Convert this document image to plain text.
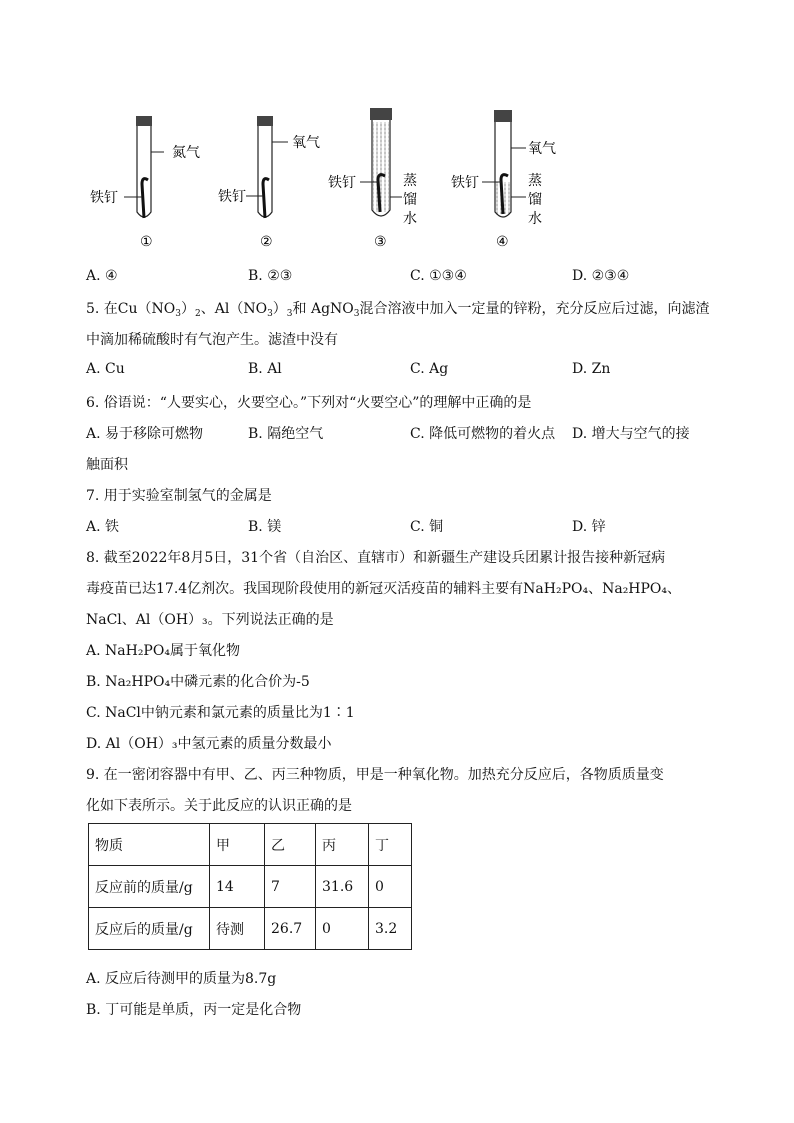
氮气
铁钉
①
氧气
铁钉
②
铁钉	蒸
馏
水
③
氧气
铁钉	蒸
馏
水
④
A. ④	B. ②③	C. ①③④	D. ②③④
5. 在$Cu(NO_3)_2$、$Al(NO_3)_3$和 AgNO$_3$混合溶液中加入一定量的锌粉，充分反应后过滤，向滤渣
中滴加稀硫酸时有气泡产生。滤渣中没有
A. Cu	B. Al	C. Ag	D. Zn
6. 俗语说：“人要实心，火要空心。”下列对“火要空心”的理解中正确的是
A. 易于移除可燃物	B. 隔绝空气	C. 降低可燃物的着火点 D. 增大与空气的接
触面积
7. 用于实验室制氢气的金属是
A. 铁	B. 镁	C. 铜	D. 锌
8. 截至2022年8月5日，31个省（自治区、直辖市）和新疆生产建设兵团累计报告接种新冠病
毒疫苗已达17.4亿剂次。我国现阶段使用的新冠灭活疫苗的辅料主要有NaH₂PO₄、Na₂HPO₄、
NaCl、Al（OH）₃。下列说法正确的是
A. NaH₂PO₄属于氧化物
B. Na₂HPO₄中磷元素的化合价为-5
C. NaCl中钠元素和氯元素的质量比为1∶1
D. Al（OH）₃中氢元素的质量分数最小
9. 在一密闭容器中有甲、乙、丙三种物质，甲是一种氧化物。加热充分反应后，各物质质量变
化如下表所示。关于此反应的认识正确的是
物质	甲	乙	丙	丁
反应前的质量/g	14	7	31.6	0
反应后的质量/g	待测	26.7	0	3.2
A. 反应后待测甲的质量为8.7g
B. 丁可能是单质，丙一定是化合物
